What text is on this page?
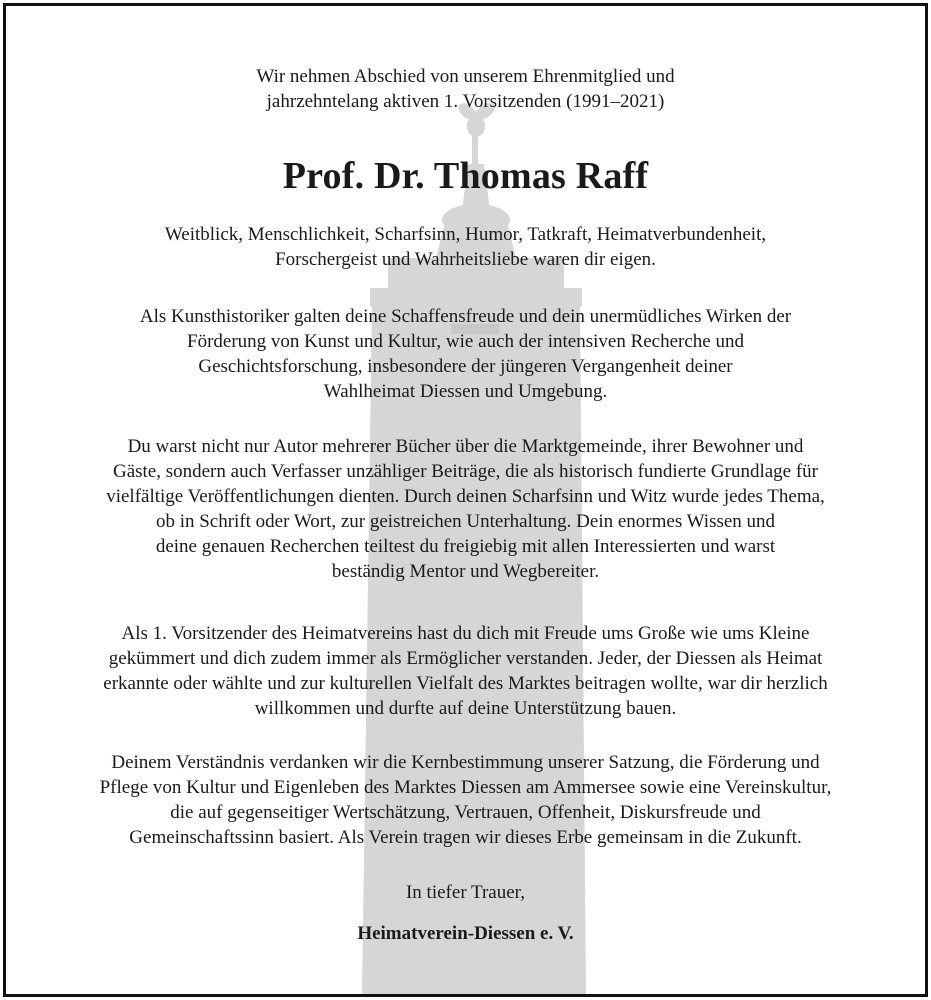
Wir nehmen Abschied von unserem Ehrenmitglied und
jahrzehntelang aktiven 1. Vorsitzenden (1991–2021)
Prof. Dr. Thomas Raff
Weitblick, Menschlichkeit, Scharfsinn, Humor, Tatkraft, Heimatverbundenheit,
Forschergeist und Wahrheitsliebe waren dir eigen.
Als Kunsthistoriker galten deine Schaffensfreude und dein unermüdliches Wirken der
Förderung von Kunst und Kultur, wie auch der intensiven Recherche und
Geschichtsforschung, insbesondere der jüngeren Vergangenheit deiner
Wahlheimat Diessen und Umgebung.
Du warst nicht nur Autor mehrerer Bücher über die Marktgemeinde, ihrer Bewohner und
Gäste, sondern auch Verfasser unzähliger Beiträge, die als historisch fundierte Grundlage für
vielfältige Veröffentlichungen dienten. Durch deinen Scharfsinn und Witz wurde jedes Thema,
ob in Schrift oder Wort, zur geistreichen Unterhaltung. Dein enormes Wissen und
deine genauen Recherchen teiltest du freigiebig mit allen Interessierten und warst
beständig Mentor und Wegbereiter.
Als 1. Vorsitzender des Heimatvereins hast du dich mit Freude ums Große wie ums Kleine
gekümmert und dich zudem immer als Ermöglicher verstanden. Jeder, der Diessen als Heimat
erkannte oder wählte und zur kulturellen Vielfalt des Marktes beitragen wollte, war dir herzlich
willkommen und durfte auf deine Unterstützung bauen.
Deinem Verständnis verdanken wir die Kernbestimmung unserer Satzung, die Förderung und
Pflege von Kultur und Eigenleben des Marktes Diessen am Ammersee sowie eine Vereinskultur,
die auf gegenseitiger Wertschätzung, Vertrauen, Offenheit, Diskursfreude und
Gemeinschaftssinn basiert. Als Verein tragen wir dieses Erbe gemeinsam in die Zukunft.
In tiefer Trauer,
Heimatverein-Diessen e. V.
